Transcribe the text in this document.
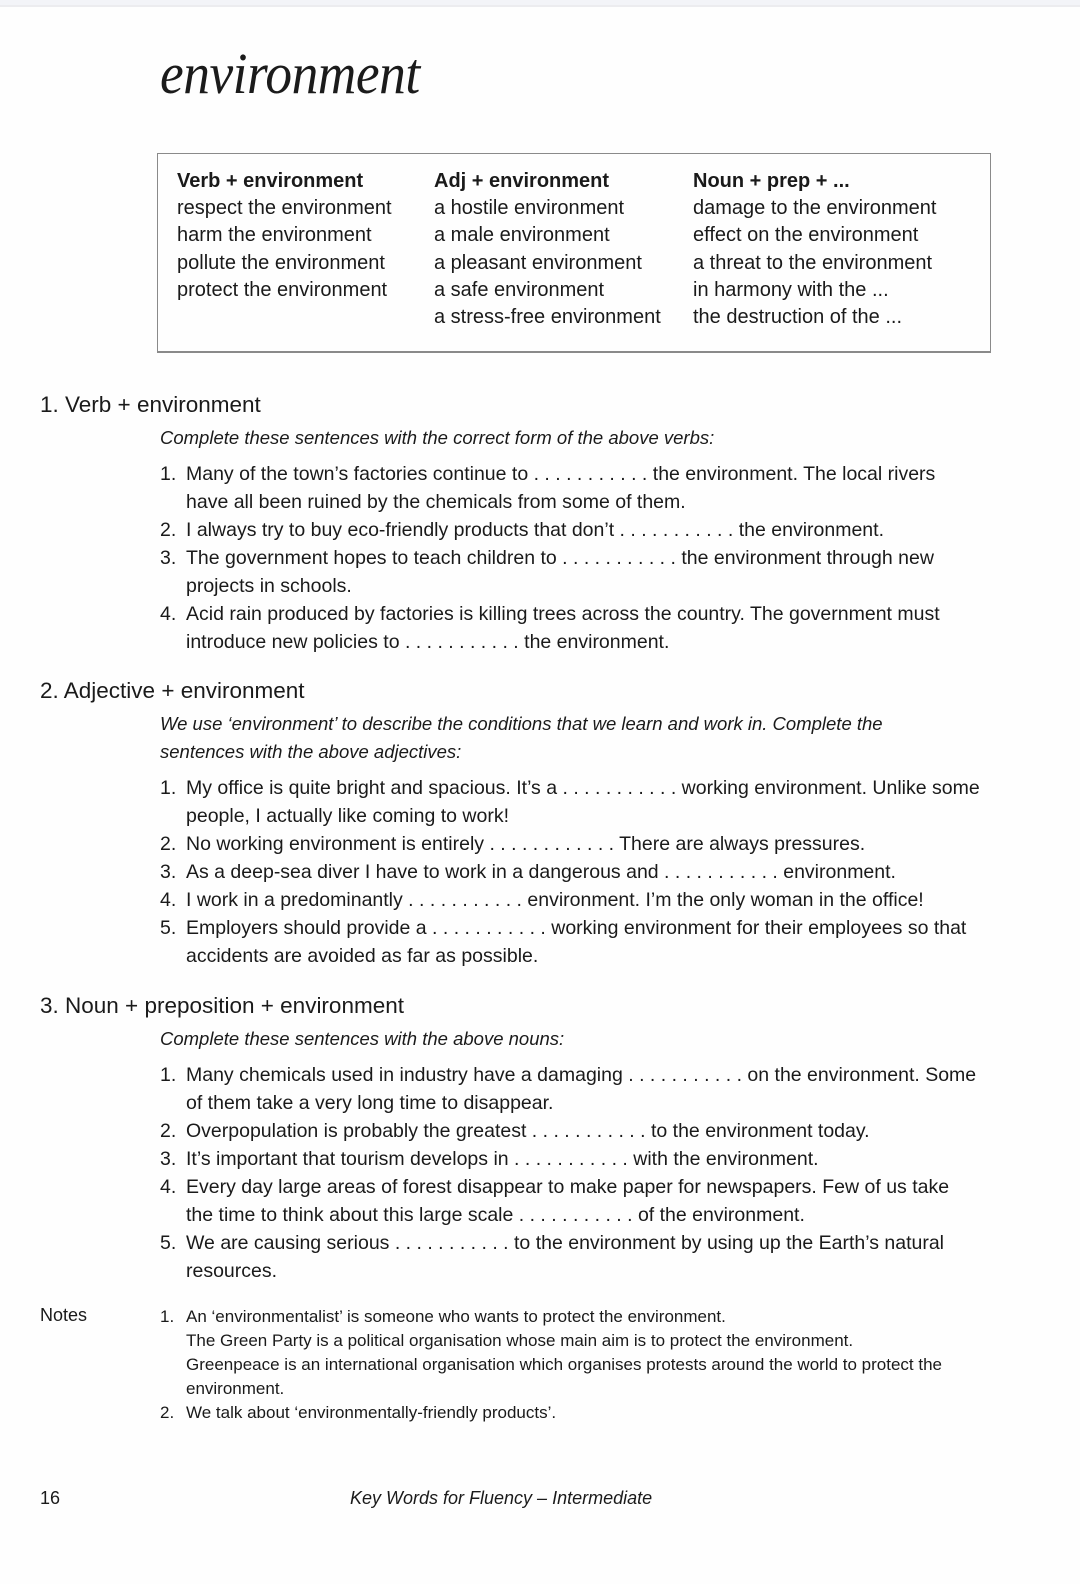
environment
Verb + environment
respect the environment
harm the environment
pollute the environment
protect the environment
Adj + environment
a hostile environment
a male environment
a pleasant environment
a safe environment
a stress-free environment
Noun + prep + ...
damage to the environment
effect on the environment
a threat to the environment
in harmony with the ...
the destruction of the ...
1. Verb + environment
Complete these sentences with the correct form of the above verbs:
1. Many of the town’s factories continue to . . . . . . . . . . . the environment. The local rivers have all been ruined by the chemicals from some of them.
2. I always try to buy eco-friendly products that don’t . . . . . . . . . . . the environment.
3. The government hopes to teach children to . . . . . . . . . . . the environment through new projects in schools.
4. Acid rain produced by factories is killing trees across the country. The government must introduce new policies to . . . . . . . . . . . the environment.
2. Adjective + environment
We use ‘environment’ to describe the conditions that we learn and work in. Complete the sentences with the above adjectives:
1. My office is quite bright and spacious. It’s a . . . . . . . . . . . working environment. Unlike some people, I actually like coming to work!
2. No working environment is entirely . . . . . . . . . . . . There are always pressures.
3. As a deep-sea diver I have to work in a dangerous and . . . . . . . . . . . environment.
4. I work in a predominantly . . . . . . . . . . . environment. I’m the only woman in the office!
5. Employers should provide a . . . . . . . . . . . working environment for their employees so that accidents are avoided as far as possible.
3. Noun + preposition + environment
Complete these sentences with the above nouns:
1. Many chemicals used in industry have a damaging . . . . . . . . . . . on the environment. Some of them take a very long time to disappear.
2. Overpopulation is probably the greatest . . . . . . . . . . . to the environment today.
3. It’s important that tourism develops in . . . . . . . . . . . with the environment.
4. Every day large areas of forest disappear to make paper for newspapers. Few of us take the time to think about this large scale . . . . . . . . . . . of the environment.
5. We are causing serious . . . . . . . . . . . to the environment by using up the Earth’s natural resources.
Notes	1. An ‘environmentalist’ is someone who wants to protect the environment.
The Green Party is a political organisation whose main aim is to protect the environment.
Greenpeace is an international organisation which organises protests around the world to protect the environment.
2. We talk about ‘environmentally-friendly products’.
16	Key Words for Fluency – Intermediate
